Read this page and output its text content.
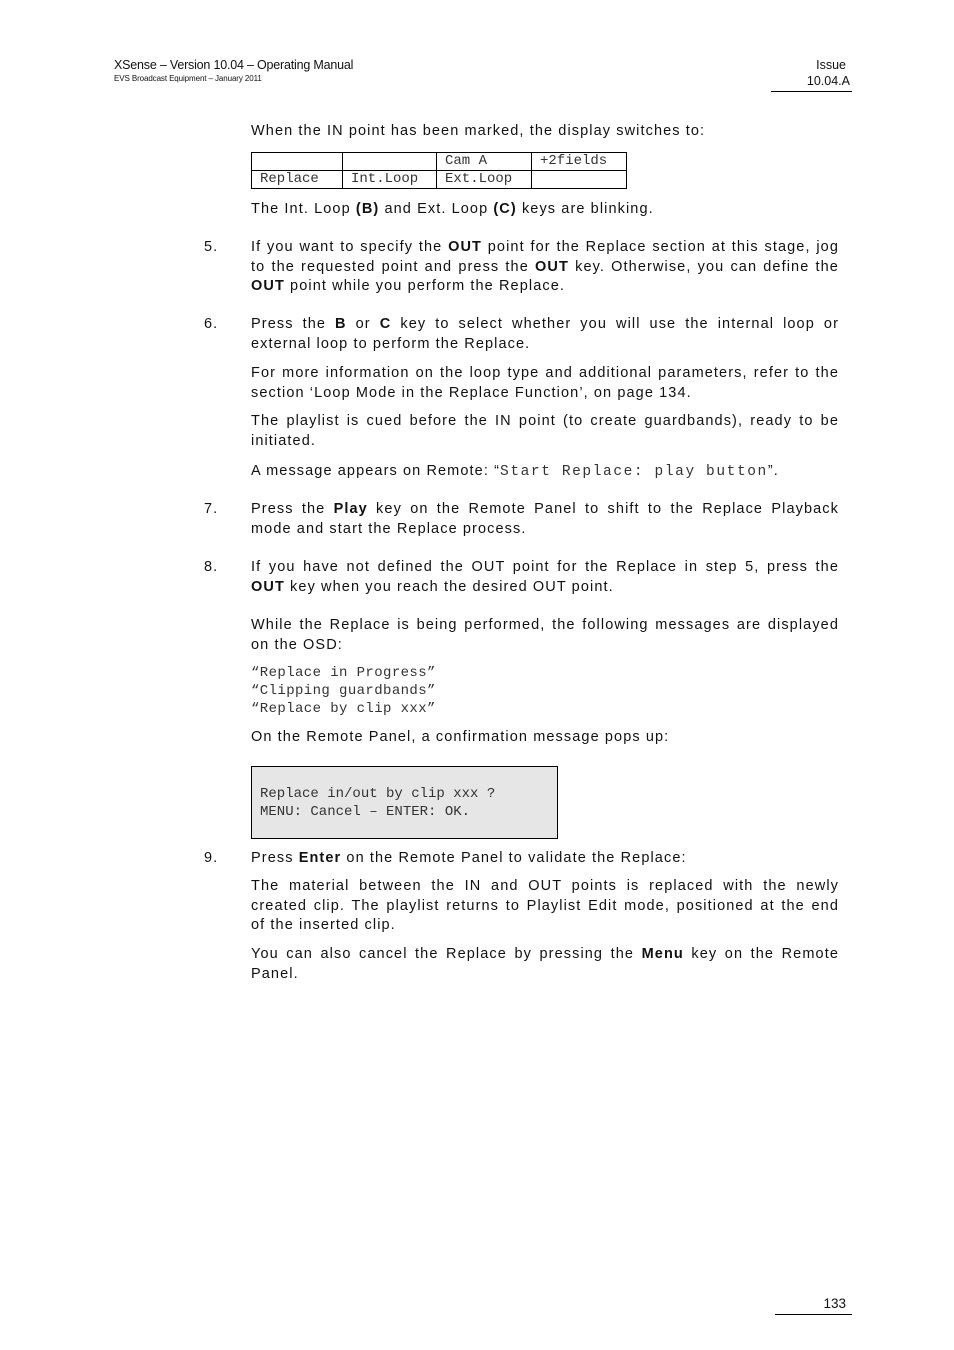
XSense – Version 10.04 – Operating Manual
EVS Broadcast Equipment – January 2011
Issue
10.04.A
When the IN point has been marked, the display switches to:
		Cam A	+2fields
Replace	Int.Loop	Ext.Loop	
The Int. Loop (B) and Ext. Loop (C) keys are blinking.
5. If you want to specify the OUT point for the Replace section at this stage, jog to the requested point and press the OUT key. Otherwise, you can define the OUT point while you perform the Replace.
6. Press the B or C key to select whether you will use the internal loop or external loop to perform the Replace.
For more information on the loop type and additional parameters, refer to the section ‘Loop Mode in the Replace Function’, on page 134.
The playlist is cued before the IN point (to create guardbands), ready to be initiated.
A message appears on Remote: “Start Replace: play button”.
7. Press the Play key on the Remote Panel to shift to the Replace Playback mode and start the Replace process.
8. If you have not defined the OUT point for the Replace in step 5, press the OUT key when you reach the desired OUT point.
While the Replace is being performed, the following messages are displayed on the OSD:
“Replace in Progress”
“Clipping guardbands”
“Replace by clip xxx”
On the Remote Panel, a confirmation message pops up:
Replace in/out by clip xxx ?
MENU: Cancel – ENTER: OK.
9. Press Enter on the Remote Panel to validate the Replace:
The material between the IN and OUT points is replaced with the newly created clip. The playlist returns to Playlist Edit mode, positioned at the end of the inserted clip.
You can also cancel the Replace by pressing the Menu key on the Remote Panel.
133
